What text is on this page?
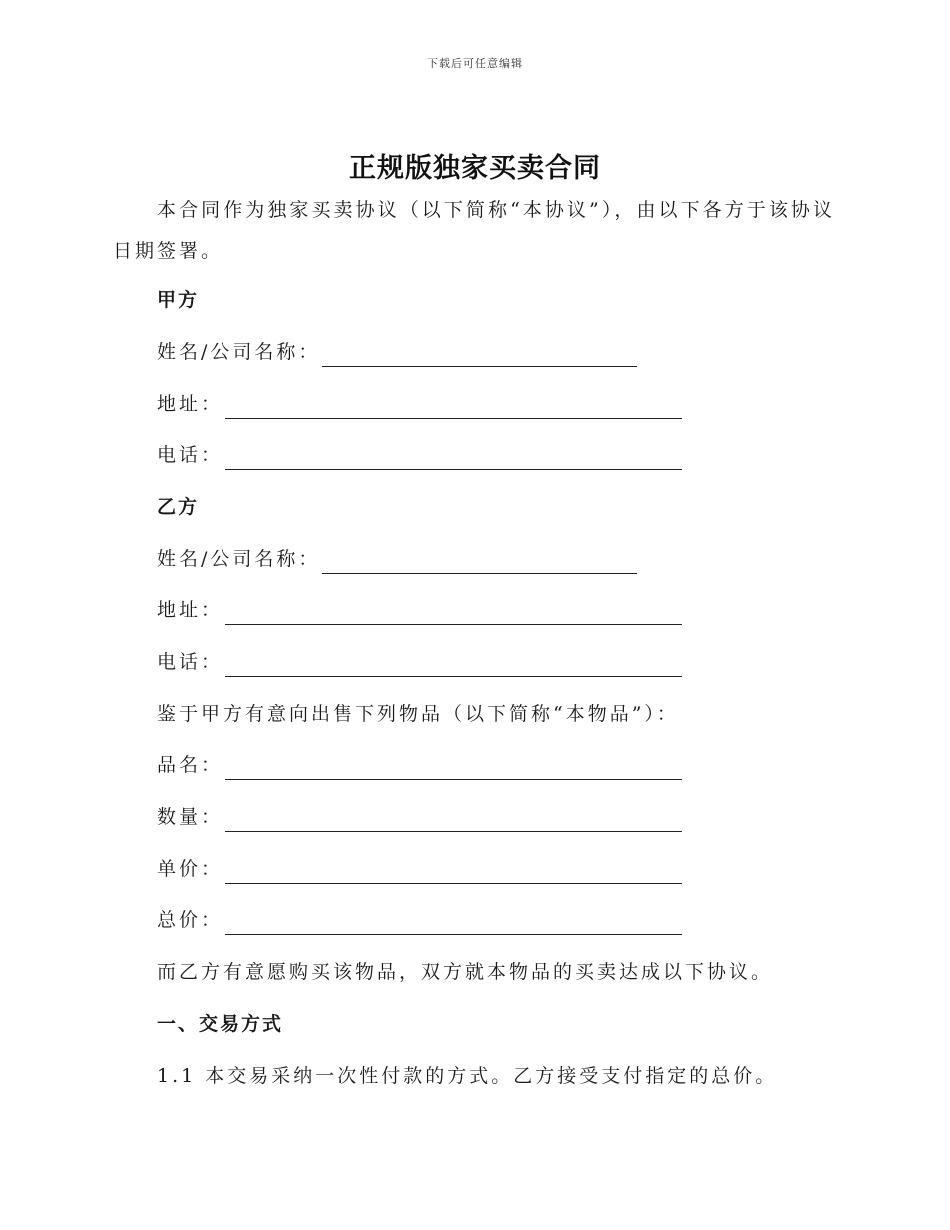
下载后可任意编辑
正规版独家买卖合同
本合同作为独家买卖协议（以下简称“本协议”），由以下各方于该协议日期签署。
甲方
姓名/公司名称：
地址：
电话：
乙方
姓名/公司名称：
地址：
电话：
鉴于甲方有意向出售下列物品（以下简称“本物品”）：
品名：
数量：
单价：
总价：
而乙方有意愿购买该物品，双方就本物品的买卖达成以下协议。
一、交易方式
1.1 本交易采纳一次性付款的方式。乙方接受支付指定的总价。
